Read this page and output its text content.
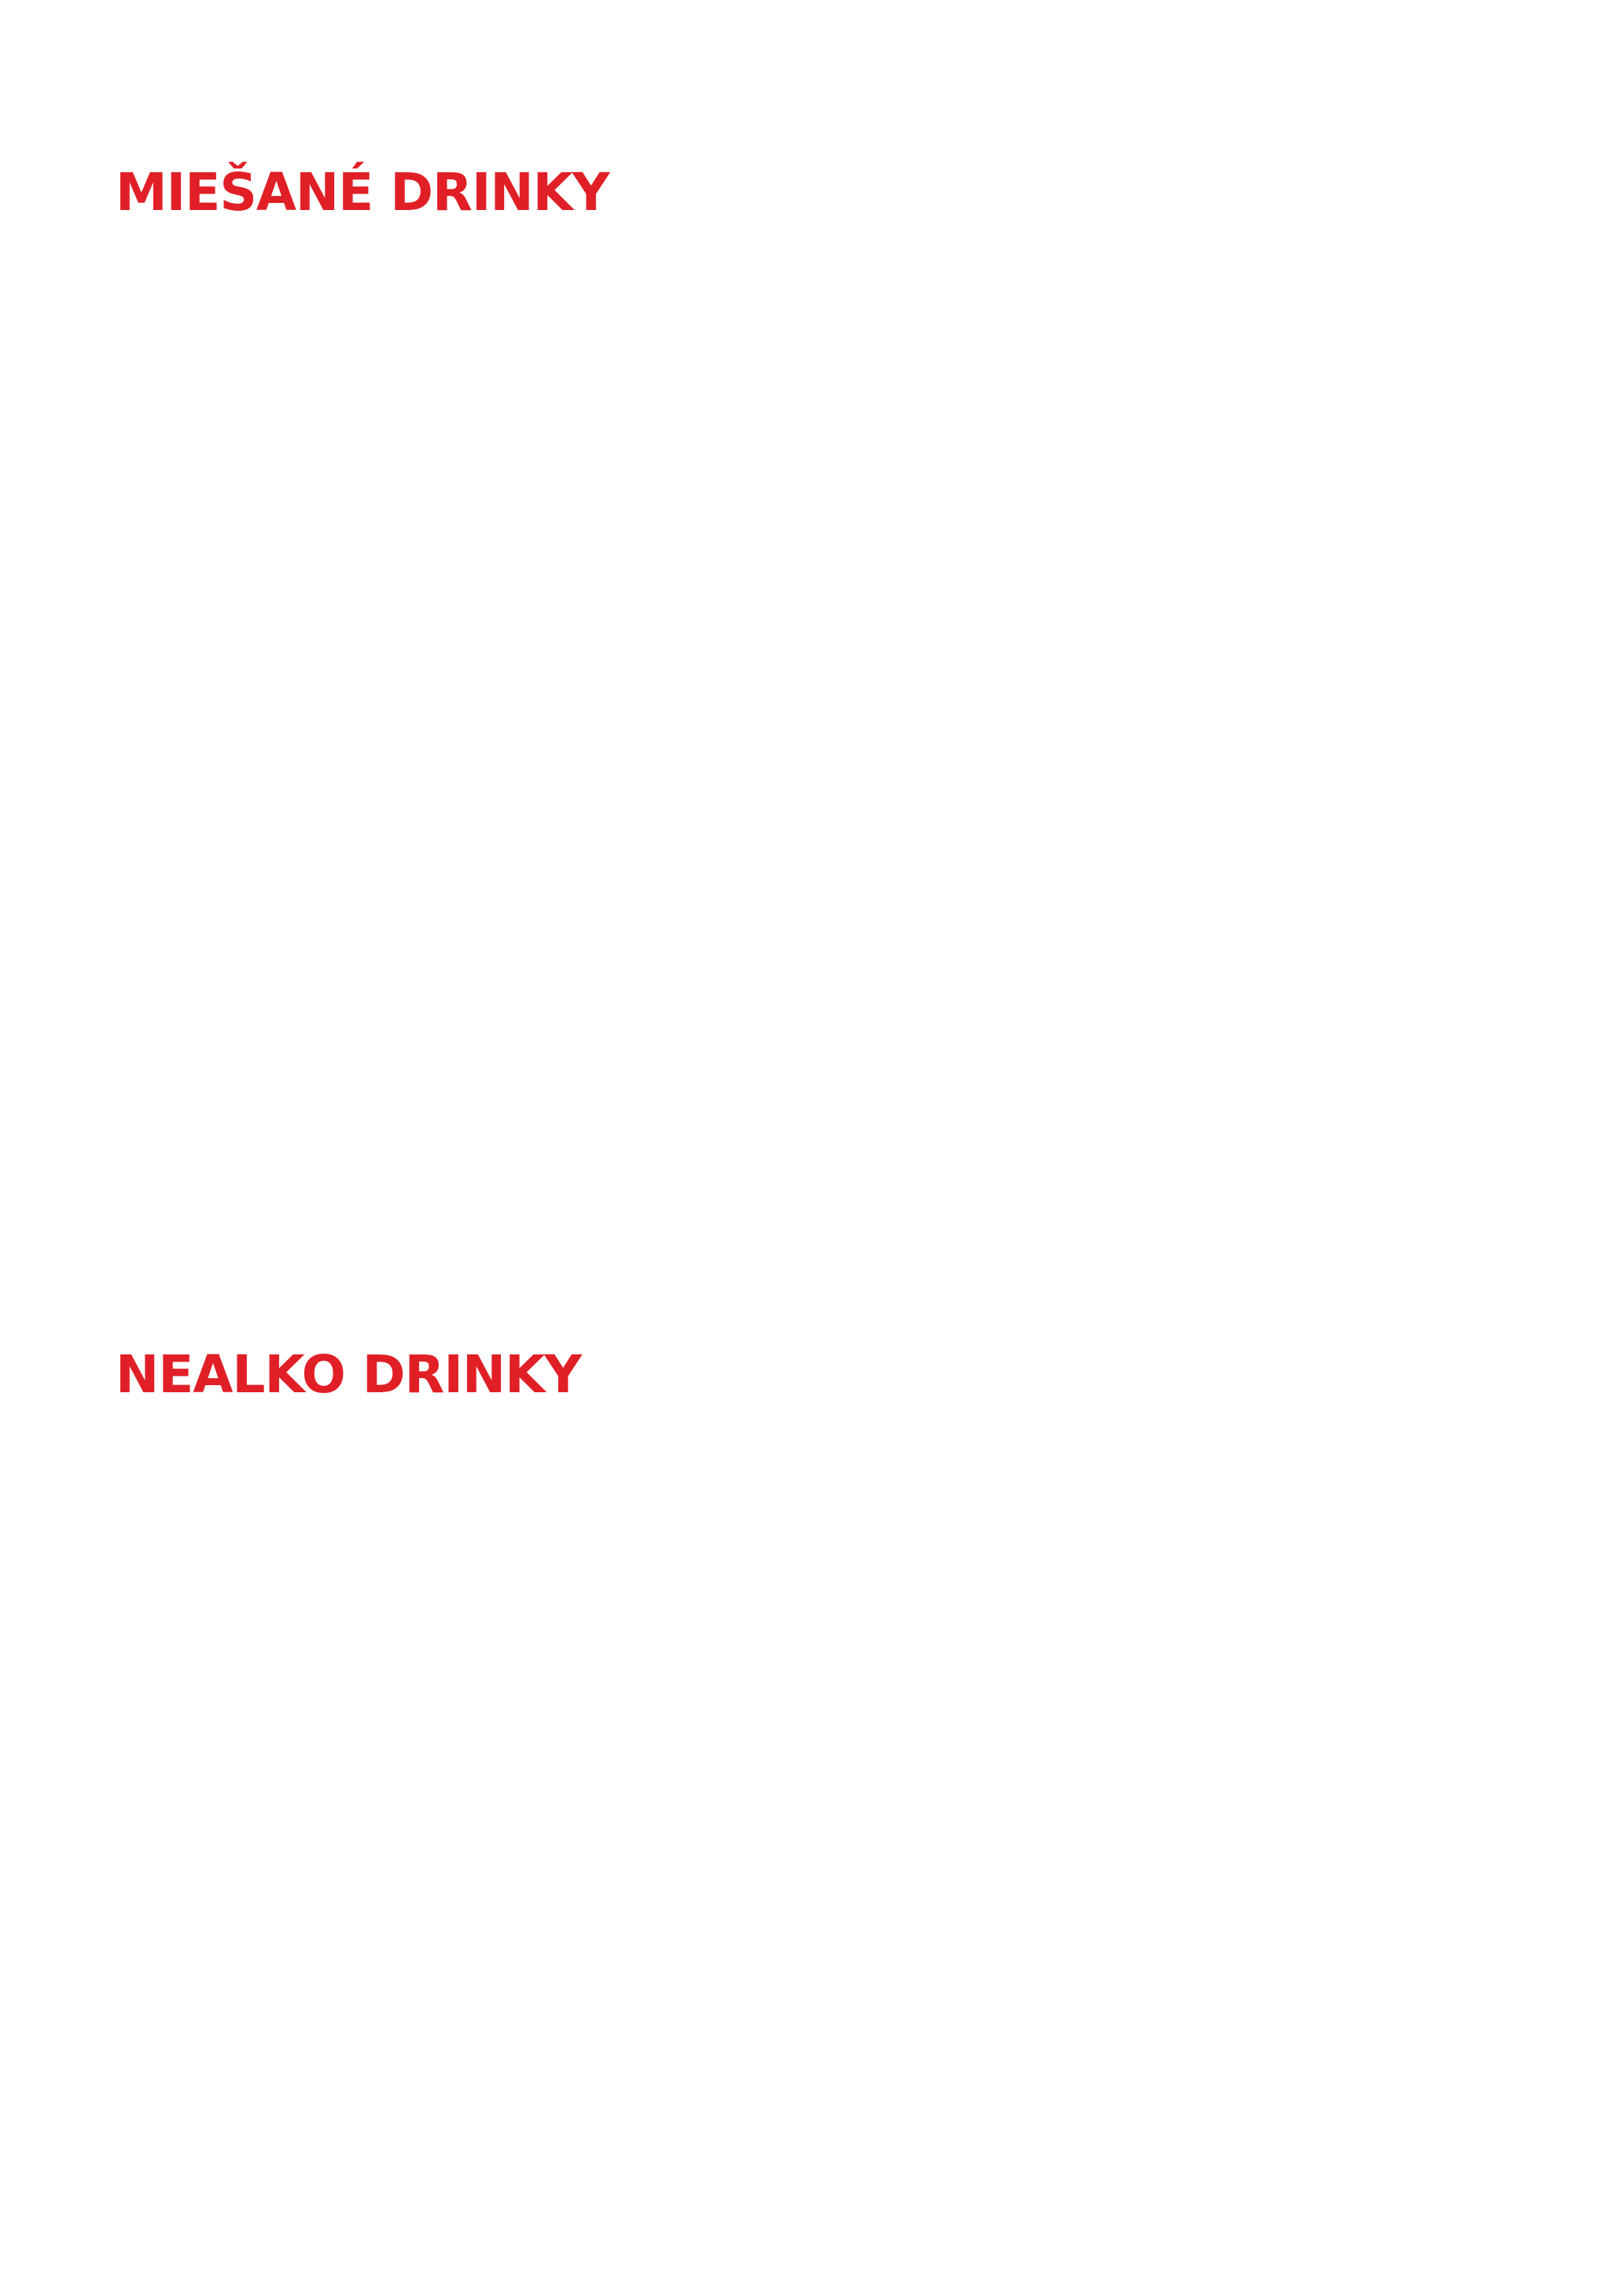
MIEŠANÉ DRINKY
NEALKO DRINKY
